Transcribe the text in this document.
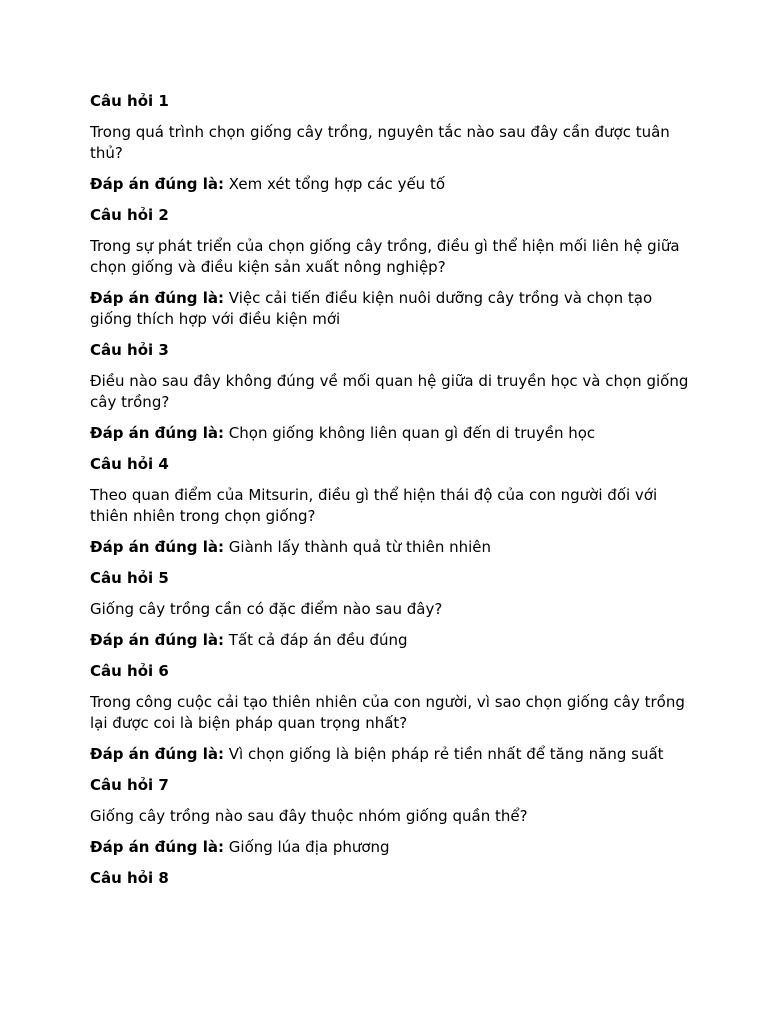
Câu hỏi 1

Trong quá trình chọn giống cây trồng, nguyên tắc nào sau đây cần được tuân thủ?

Đáp án đúng là: Xem xét tổng hợp các yếu tố

Câu hỏi 2

Trong sự phát triển của chọn giống cây trồng, điều gì thể hiện mối liên hệ giữa chọn giống và điều kiện sản xuất nông nghiệp?

Đáp án đúng là: Việc cải tiến điều kiện nuôi dưỡng cây trồng và chọn tạo giống thích hợp với điều kiện mới

Câu hỏi 3

Điều nào sau đây không đúng về mối quan hệ giữa di truyền học và chọn giống cây trồng?

Đáp án đúng là: Chọn giống không liên quan gì đến di truyền học

Câu hỏi 4

Theo quan điểm của Mitsurin, điều gì thể hiện thái độ của con người đối với thiên nhiên trong chọn giống?

Đáp án đúng là: Giành lấy thành quả từ thiên nhiên

Câu hỏi 5

Giống cây trồng cần có đặc điểm nào sau đây?

Đáp án đúng là: Tất cả đáp án đều đúng

Câu hỏi 6

Trong công cuộc cải tạo thiên nhiên của con người, vì sao chọn giống cây trồng lại được coi là biện pháp quan trọng nhất?

Đáp án đúng là: Vì chọn giống là biện pháp rẻ tiền nhất để tăng năng suất

Câu hỏi 7

Giống cây trồng nào sau đây thuộc nhóm giống quần thể?

Đáp án đúng là: Giống lúa địa phương

Câu hỏi 8
